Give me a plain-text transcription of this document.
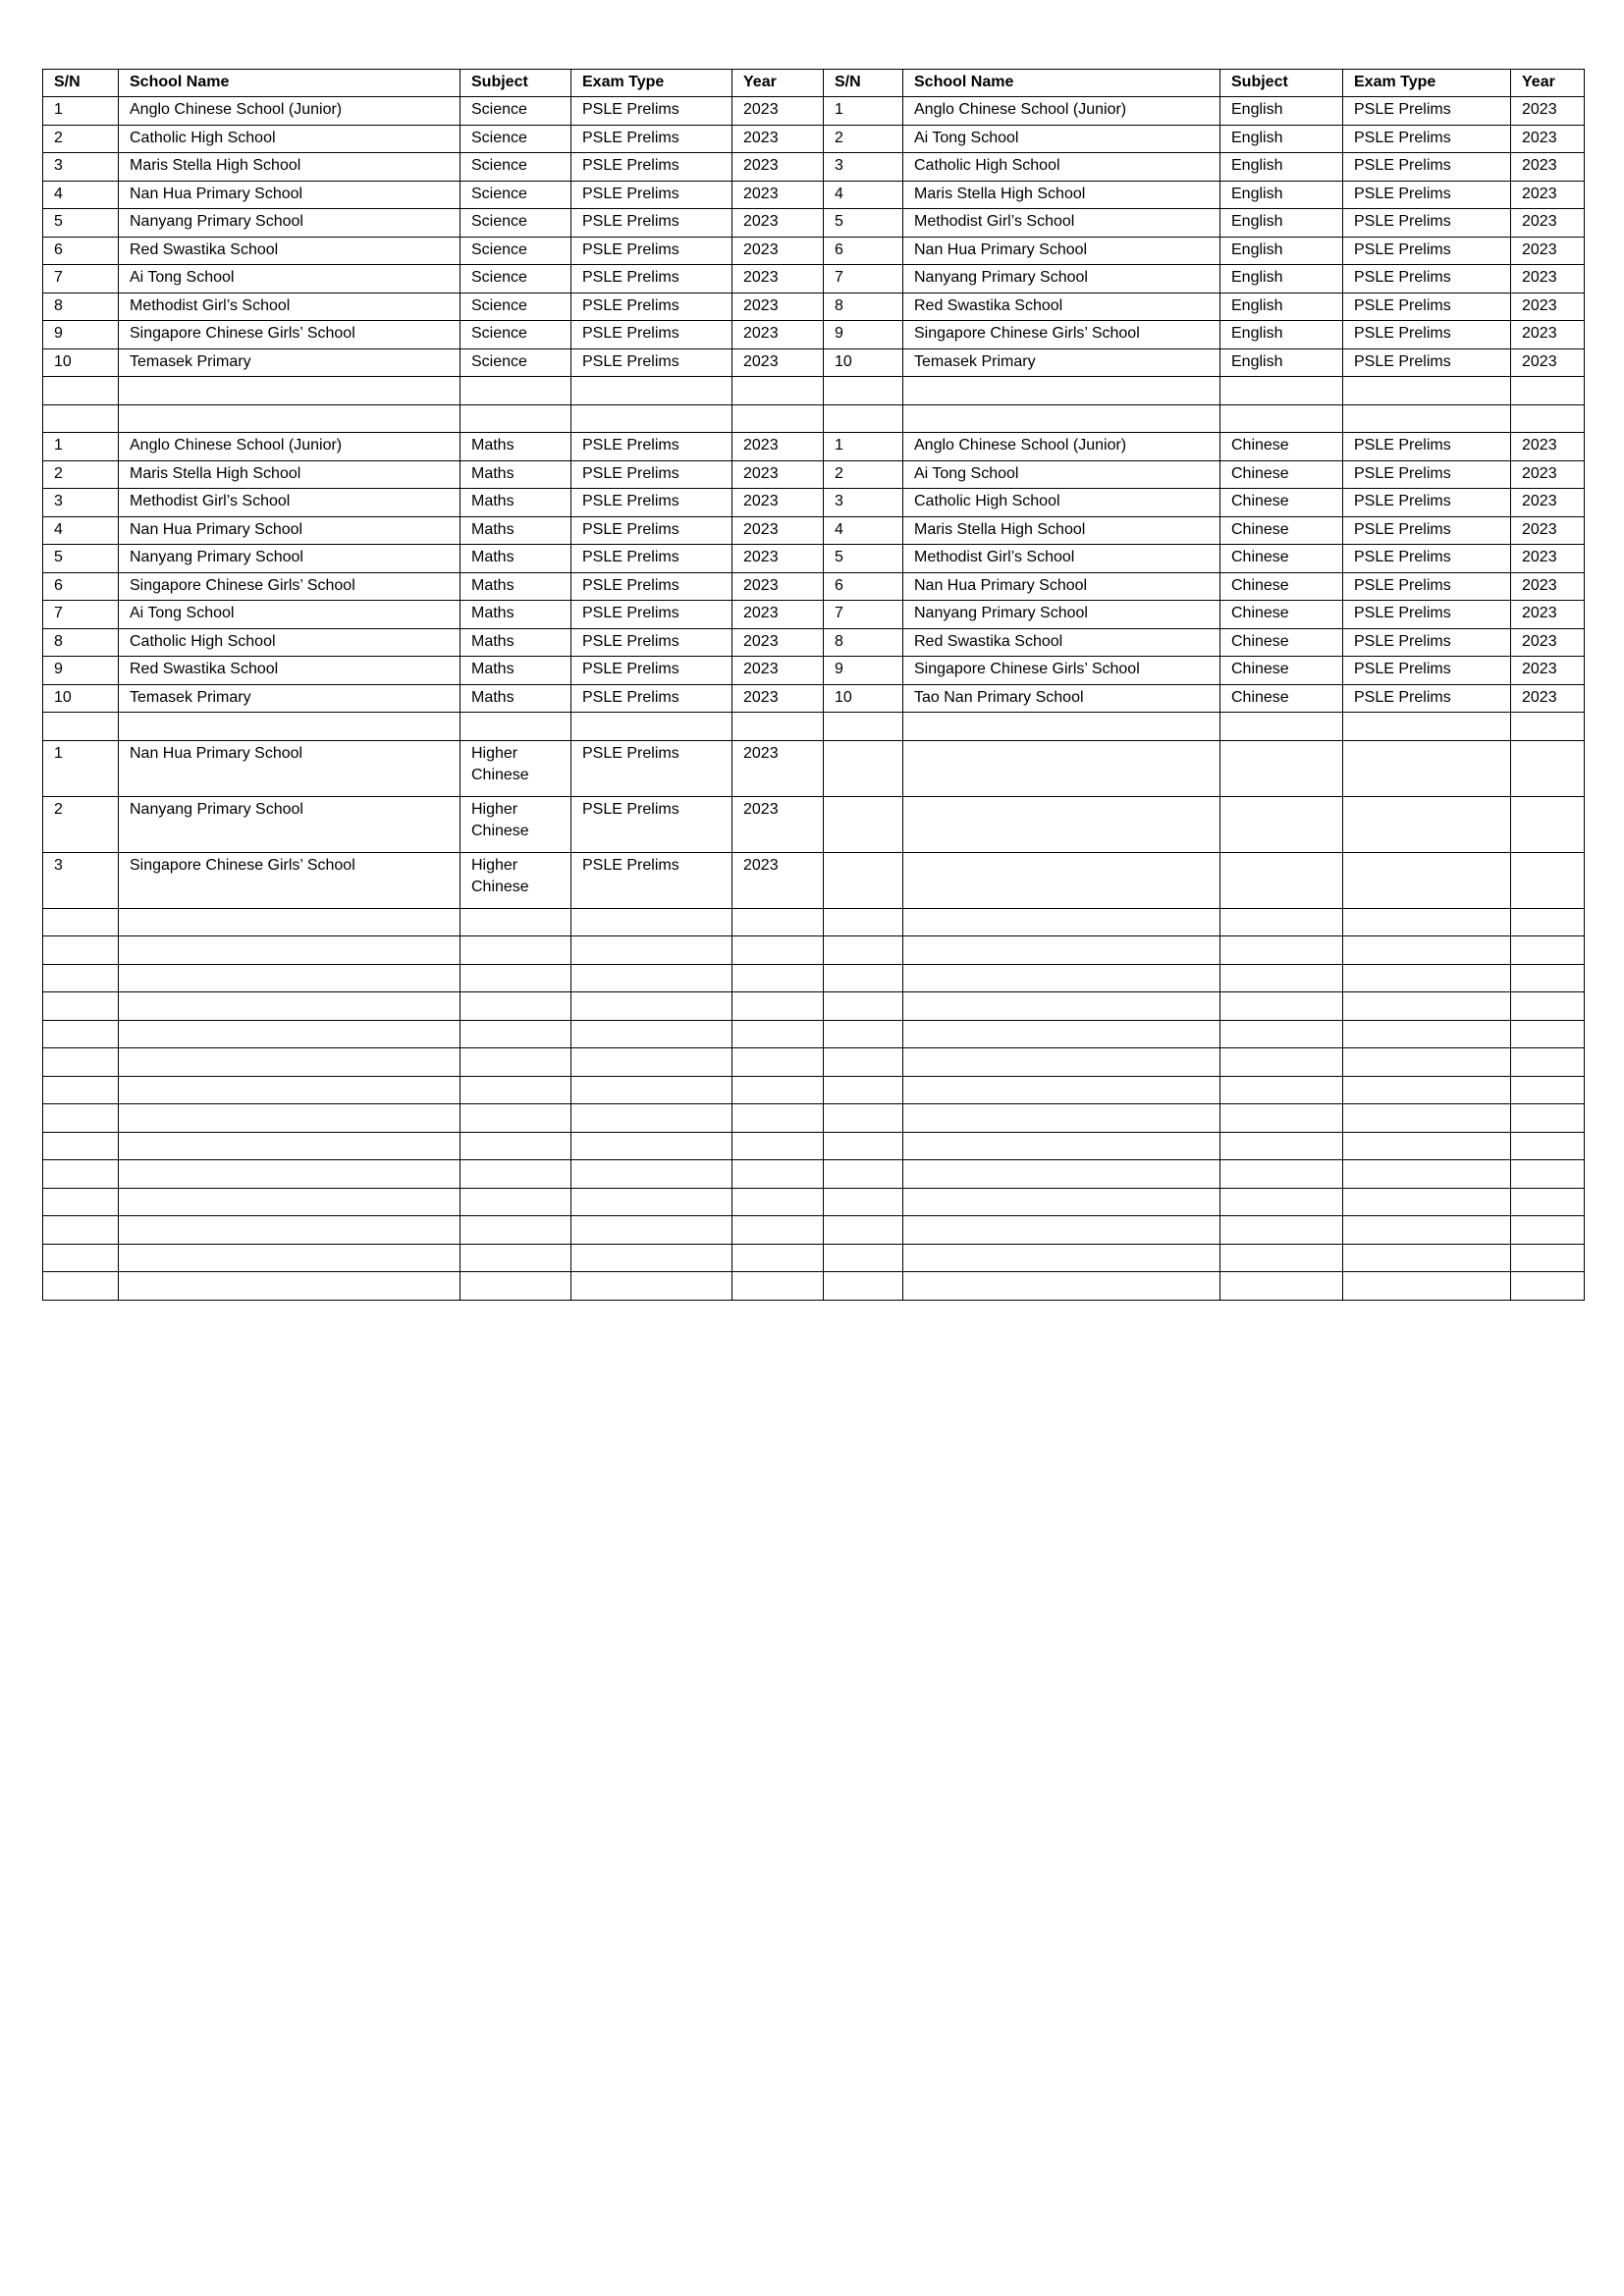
S/N	School Name	Subject	Exam Type	Year	S/N	School Name	Subject	Exam Type	Year
1	Anglo Chinese School (Junior)	Science	PSLE Prelims	2023	1	Anglo Chinese School (Junior)	English	PSLE Prelims	2023
2	Catholic High School	Science	PSLE Prelims	2023	2	Ai Tong School	English	PSLE Prelims	2023
3	Maris Stella High School	Science	PSLE Prelims	2023	3	Catholic High School	English	PSLE Prelims	2023
4	Nan Hua Primary School	Science	PSLE Prelims	2023	4	Maris Stella High School	English	PSLE Prelims	2023
5	Nanyang Primary School	Science	PSLE Prelims	2023	5	Methodist Girl’s School	English	PSLE Prelims	2023
6	Red Swastika School	Science	PSLE Prelims	2023	6	Nan Hua Primary School	English	PSLE Prelims	2023
7	Ai Tong School	Science	PSLE Prelims	2023	7	Nanyang Primary School	English	PSLE Prelims	2023
8	Methodist Girl’s School	Science	PSLE Prelims	2023	8	Red Swastika School	English	PSLE Prelims	2023
9	Singapore Chinese Girls’ School	Science	PSLE Prelims	2023	9	Singapore Chinese Girls’ School	English	PSLE Prelims	2023
10	Temasek Primary	Science	PSLE Prelims	2023	10	Temasek Primary	English	PSLE Prelims	2023

1	Anglo Chinese School (Junior)	Maths	PSLE Prelims	2023	1	Anglo Chinese School (Junior)	Chinese	PSLE Prelims	2023
2	Maris Stella High School	Maths	PSLE Prelims	2023	2	Ai Tong School	Chinese	PSLE Prelims	2023
3	Methodist Girl’s School	Maths	PSLE Prelims	2023	3	Catholic High School	Chinese	PSLE Prelims	2023
4	Nan Hua Primary School	Maths	PSLE Prelims	2023	4	Maris Stella High School	Chinese	PSLE Prelims	2023
5	Nanyang Primary School	Maths	PSLE Prelims	2023	5	Methodist Girl’s School	Chinese	PSLE Prelims	2023
6	Singapore Chinese Girls’ School	Maths	PSLE Prelims	2023	6	Nan Hua Primary School	Chinese	PSLE Prelims	2023
7	Ai Tong School	Maths	PSLE Prelims	2023	7	Nanyang Primary School	Chinese	PSLE Prelims	2023
8	Catholic High School	Maths	PSLE Prelims	2023	8	Red Swastika School	Chinese	PSLE Prelims	2023
9	Red Swastika School	Maths	PSLE Prelims	2023	9	Singapore Chinese Girls’ School	Chinese	PSLE Prelims	2023
10	Temasek Primary	Maths	PSLE Prelims	2023	10	Tao Nan Primary School	Chinese	PSLE Prelims	2023

1	Nan Hua Primary School	Higher Chinese	PSLE Prelims	2023					
2	Nanyang Primary School	Higher Chinese	PSLE Prelims	2023					
3	Singapore Chinese Girls’ School	Higher Chinese	PSLE Prelims	2023					
